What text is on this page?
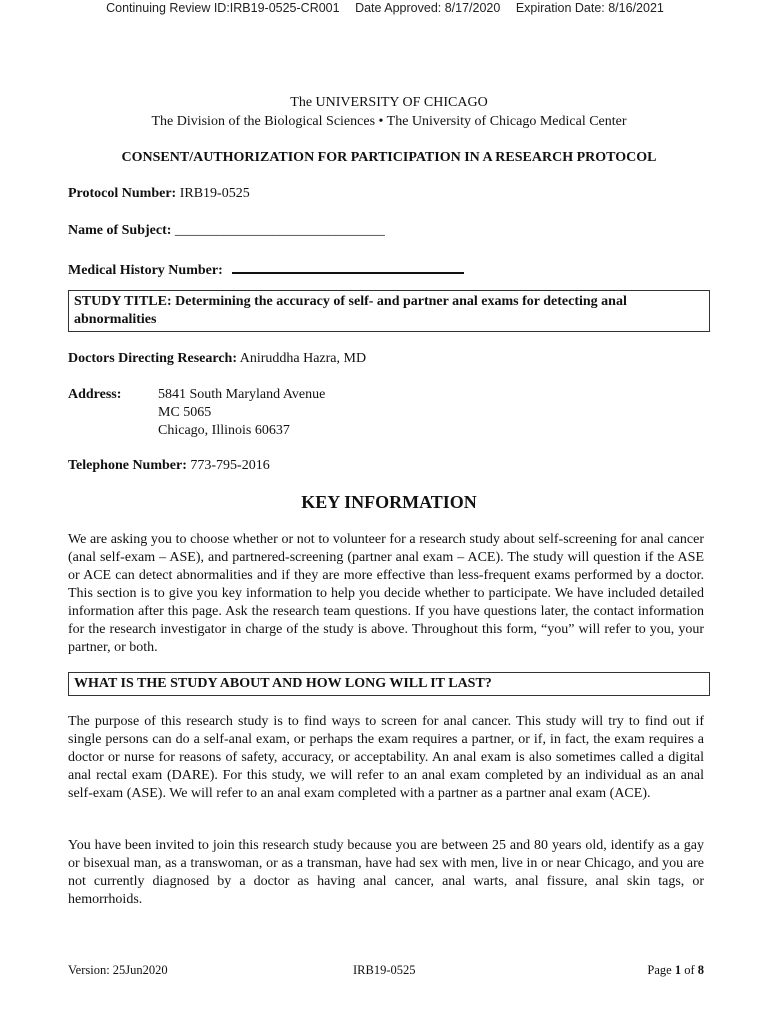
Continuing Review ID:IRB19-0525-CR001 Date Approved: 8/17/2020 Expiration Date: 8/16/2021
The UNIVERSITY OF CHICAGO
The Division of the Biological Sciences • The University of Chicago Medical Center
CONSENT/AUTHORIZATION FOR PARTICIPATION IN A RESEARCH PROTOCOL
Protocol Number: IRB19-0525
Name of Subject: ______________________________
Medical History Number:
STUDY TITLE: Determining the accuracy of self- and partner anal exams for detecting anal
abnormalities
Doctors Directing Research: Aniruddha Hazra, MD
Address:	5841 South Maryland Avenue
MC 5065
Chicago, Illinois 60637
Telephone Number: 773-795-2016
KEY INFORMATION
We are asking you to choose whether or not to volunteer for a research study about self-screening for anal cancer (anal self-exam – ASE), and partnered-screening (partner anal exam – ACE). The study will question if the ASE or ACE can detect abnormalities and if they are more effective than less-frequent exams performed by a doctor. This section is to give you key information to help you decide whether to participate. We have included detailed information after this page. Ask the research team questions. If you have questions later, the contact information for the research investigator in charge of the study is above. Throughout this form, “you” will refer to you, your partner, or both.
WHAT IS THE STUDY ABOUT AND HOW LONG WILL IT LAST?
The purpose of this research study is to find ways to screen for anal cancer. This study will try to find out if single persons can do a self-anal exam, or perhaps the exam requires a partner, or if, in fact, the exam requires a doctor or nurse for reasons of safety, accuracy, or acceptability. An anal exam is also sometimes called a digital anal rectal exam (DARE). For this study, we will refer to an anal exam completed by an individual as an anal self-exam (ASE). We will refer to an anal exam completed with a partner as a partner anal exam (ACE).
You have been invited to join this research study because you are between 25 and 80 years old, identify as a gay or bisexual man, as a transwoman, or as a transman, have had sex with men, live in or near Chicago, and you are not currently diagnosed by a doctor as having anal cancer, anal warts, anal fissure, anal skin tags, or hemorrhoids.
Version: 25Jun2020	IRB19-0525	Page 1 of 8
